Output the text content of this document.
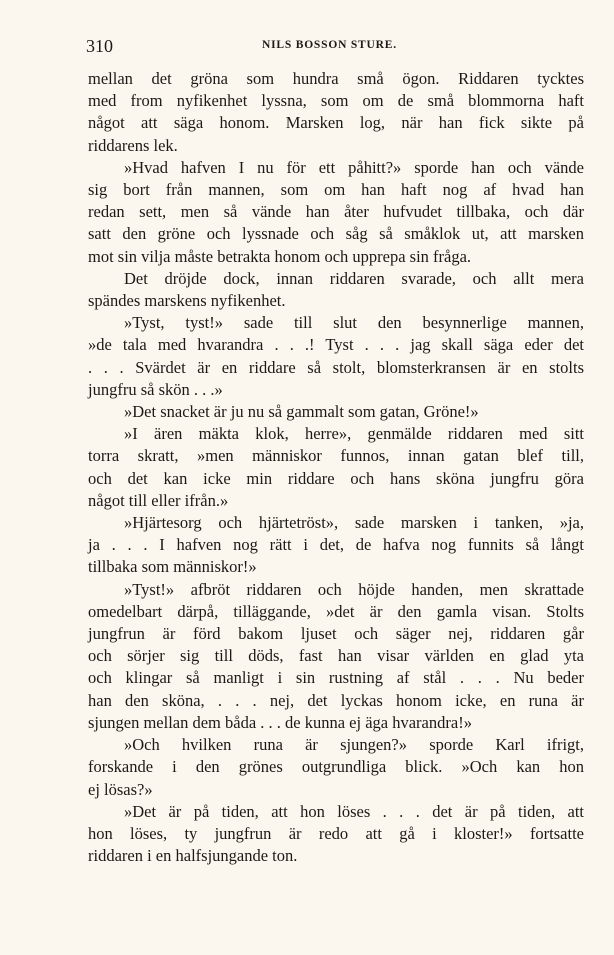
310	NILS BOSSON STURE.
mellan det gröna som hundra små ögon. Riddaren tycktes
med from nyfikenhet lyssna, som om de små blommorna haft
något att säga honom. Marsken log, när han fick sikte på
riddarens lek.
»Hvad hafven I nu för ett påhitt?» sporde han och vände
sig bort från mannen, som om han haft nog af hvad han
redan sett, men så vände han åter hufvudet tillbaka, och där
satt den gröne och lyssnade och såg så småklok ut, att marsken
mot sin vilja måste betrakta honom och upprepa sin fråga.
Det dröjde dock, innan riddaren svarade, och allt mera
spändes marskens nyfikenhet.
»Tyst, tyst!» sade till slut den besynnerlige mannen,
»de tala med hvarandra . . .! Tyst . . . jag skall säga eder det
. . . Svärdet är en riddare så stolt, blomsterkransen är en stolts
jungfru så skön . . .»
»Det snacket är ju nu så gammalt som gatan, Gröne!»
»I ären mäkta klok, herre», genmälde riddaren med sitt
torra skratt, »men människor funnos, innan gatan blef till,
och det kan icke min riddare och hans sköna jungfru göra
något till eller ifrån.»
»Hjärtesorg och hjärtetröst», sade marsken i tanken, »ja,
ja . . . I hafven nog rätt i det, de hafva nog funnits så långt
tillbaka som människor!»
»Tyst!» afbröt riddaren och höjde handen, men skrattade
omedelbart därpå, tilläggande, »det är den gamla visan. Stolts
jungfrun är förd bakom ljuset och säger nej, riddaren går
och sörjer sig till döds, fast han visar världen en glad yta
och klingar så manligt i sin rustning af stål . . . Nu beder
han den sköna, . . . nej, det lyckas honom icke, en runa är
sjungen mellan dem båda . . . de kunna ej äga hvarandra!»
»Och hvilken runa är sjungen?» sporde Karl ifrigt,
forskande i den grönes outgrundliga blick. »Och kan hon
ej lösas?»
»Det är på tiden, att hon löses . . . det är på tiden, att
hon löses, ty jungfrun är redo att gå i kloster!» fortsatte
riddaren i en halfsjungande ton.
